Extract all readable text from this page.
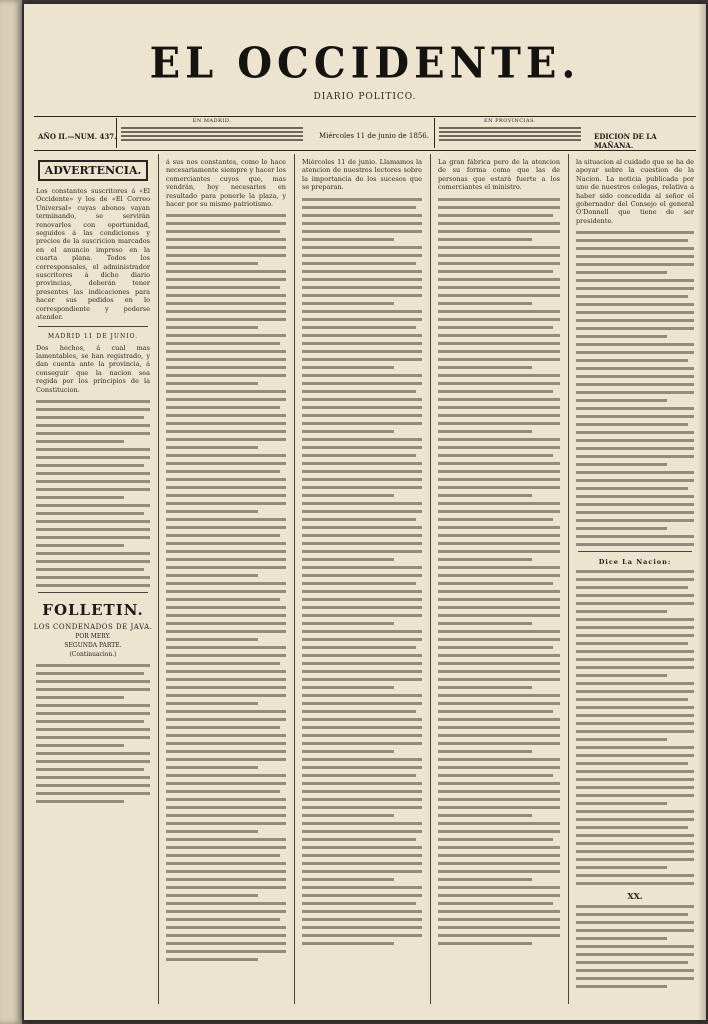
EL OCCIDENTE.
DIARIO POLITICO.
AÑO II.—NUM. 437.
EN MADRID.
Miércoles 11 de junio de 1856.
EN PROVINCIAS.
EDICION DE LA MAÑANA.
ADVERTENCIA.
Los constantes suscritores á «El Occidente» y los de «El Correo Universal» cuyas abonos vayan terminando, se servirán renovarlos con oportunidad, seguidos á las condiciones y precios de la suscricion marcados en el anuncio impreso en la cuarta plana. Todos los corresponsales, el administrador suscritores á dicho diario provincias, deberán tener presentes las indicaciones para hacer sus pedidos en lo correspondiente y poderse atender.
MADRID 11 DE JUNIO.
Dos hechos, á cual mas lamentables, se han registrado, y dan cuenta ante la provincia, á conseguir que la nacion sea regida por los principios de la Constitucion.
FOLLETIN.
LOS CONDENADOS DE JAVA.
POR MERY.
SEGUNDA PARTE.
(Continuacion.)
á sus nos constantes, como lo hace necesariamente siempre y hacer los comerciantes cuyos que, mas vendrán, hoy necesarios en resultado para ponerle la plaza, y hacer por su mismo patriotismo.
Miércoles 11 de junio. Llamamos la atencion de nuestros lectores sobre la importancia de los sucesos que se preparan.
La gran fábrica pero de la atencion de su forma como que las de personas que estará fuerte a los comerciantes el ministro.
la situacion al cuidado que se ha de apoyar sobre la cuestion de la Nacion. La noticia publicada por uno de nuestros colegas, relativa a haber sido concedida al señor el gobernador del Consejo el general O'Donnell que tiene de ser presidente.
Dice La Nacion:
XX.
